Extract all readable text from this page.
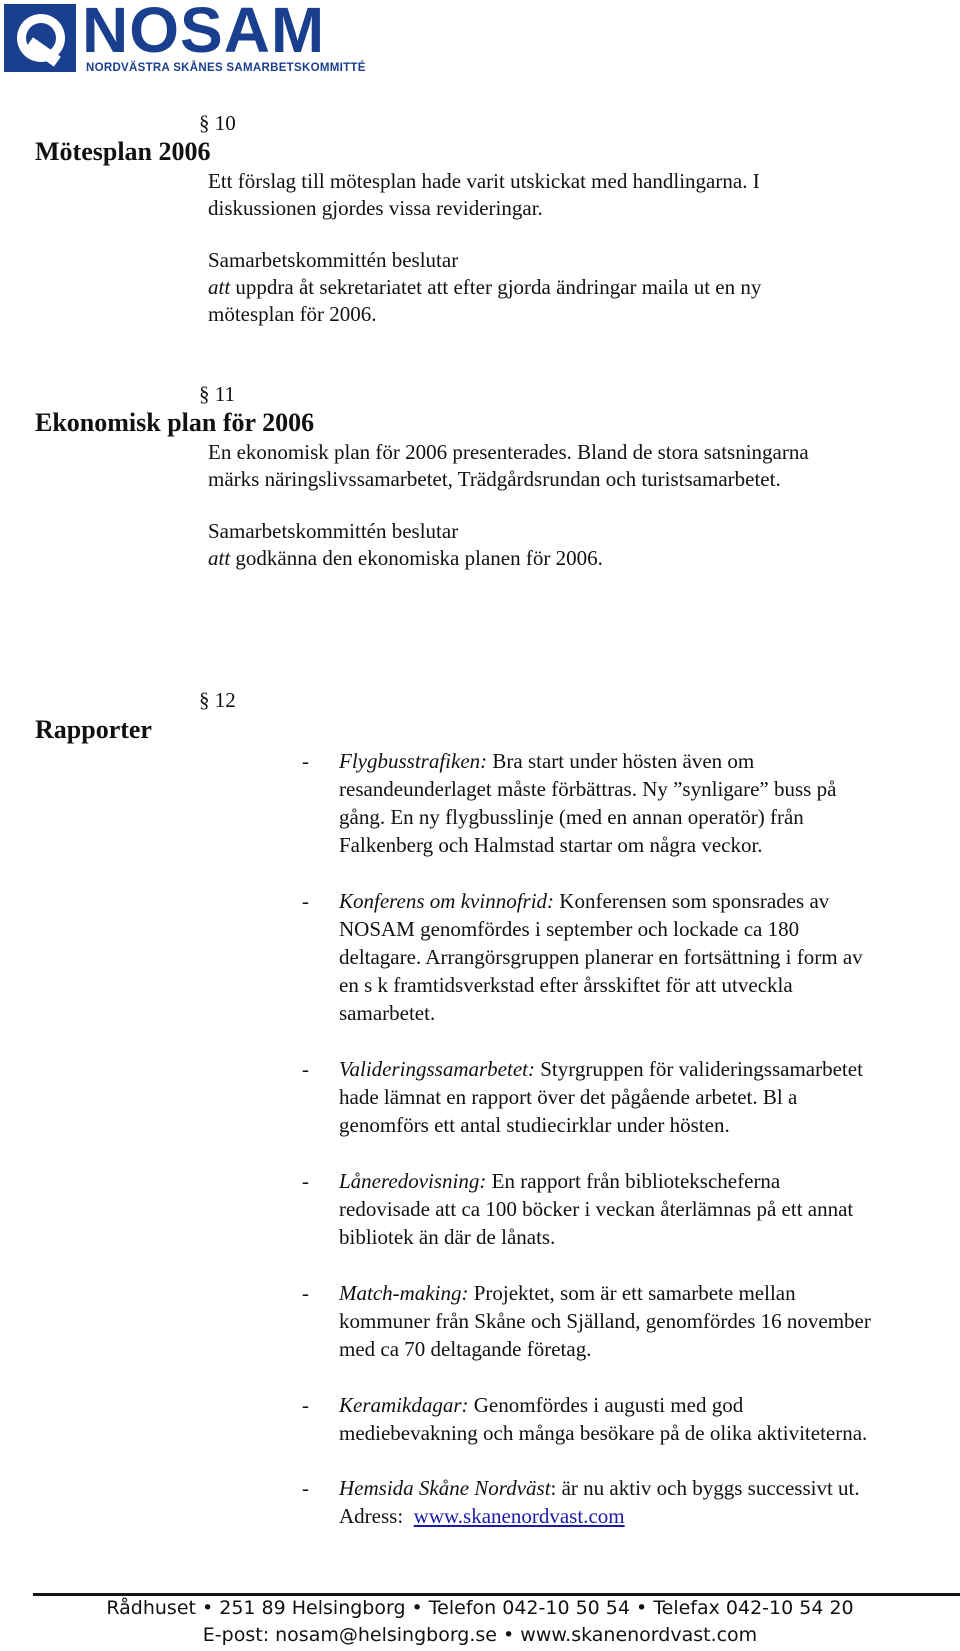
NOSAM
NORDVÄSTRA SKÅNES SAMARBETSKOMMITTÉ
§ 10
Mötesplan 2006
Ett förslag till mötesplan hade varit utskickat med handlingarna. I
diskussionen gjordes vissa revideringar.
Samarbetskommittén beslutar
att uppdra åt sekretariatet att efter gjorda ändringar maila ut en ny
mötesplan för 2006.
§ 11
Ekonomisk plan för 2006
En ekonomisk plan för 2006 presenterades. Bland de stora satsningarna
märks näringslivssamarbetet, Trädgårdsrundan och turistsamarbetet.
Samarbetskommittén beslutar
att godkänna den ekonomiska planen för 2006.
§ 12
Rapporter
- Flygbusstrafiken: Bra start under hösten även om
resandeunderlaget måste förbättras. Ny ”synligare” buss på
gång. En ny flygbusslinje (med en annan operatör) från
Falkenberg och Halmstad startar om några veckor.
- Konferens om kvinnofrid: Konferensen som sponsrades av
NOSAM genomfördes i september och lockade ca 180
deltagare. Arrangörsgruppen planerar en fortsättning i form av
en s k framtidsverkstad efter årsskiftet för att utveckla
samarbetet.
- Valideringssamarbetet: Styrgruppen för valideringssamarbetet
hade lämnat en rapport över det pågående arbetet. Bl a
genomförs ett antal studiecirklar under hösten.
- Låneredovisning: En rapport från bibliotekscheferna
redovisade att ca 100 böcker i veckan återlämnas på ett annat
bibliotek än där de lånats.
- Match-making: Projektet, som är ett samarbete mellan
kommuner från Skåne och Själland, genomfördes 16 november
med ca 70 deltagande företag.
- Keramikdagar: Genomfördes i augusti med god
mediebevakning och många besökare på de olika aktiviteterna.
- Hemsida Skåne Nordväst: är nu aktiv och byggs successivt ut.
Adress:  www.skanenordvast.com
Rådhuset • 251 89 Helsingborg • Telefon 042-10 50 54 • Telefax 042-10 54 20
E-post: nosam@helsingborg.se • www.skanenordvast.com
